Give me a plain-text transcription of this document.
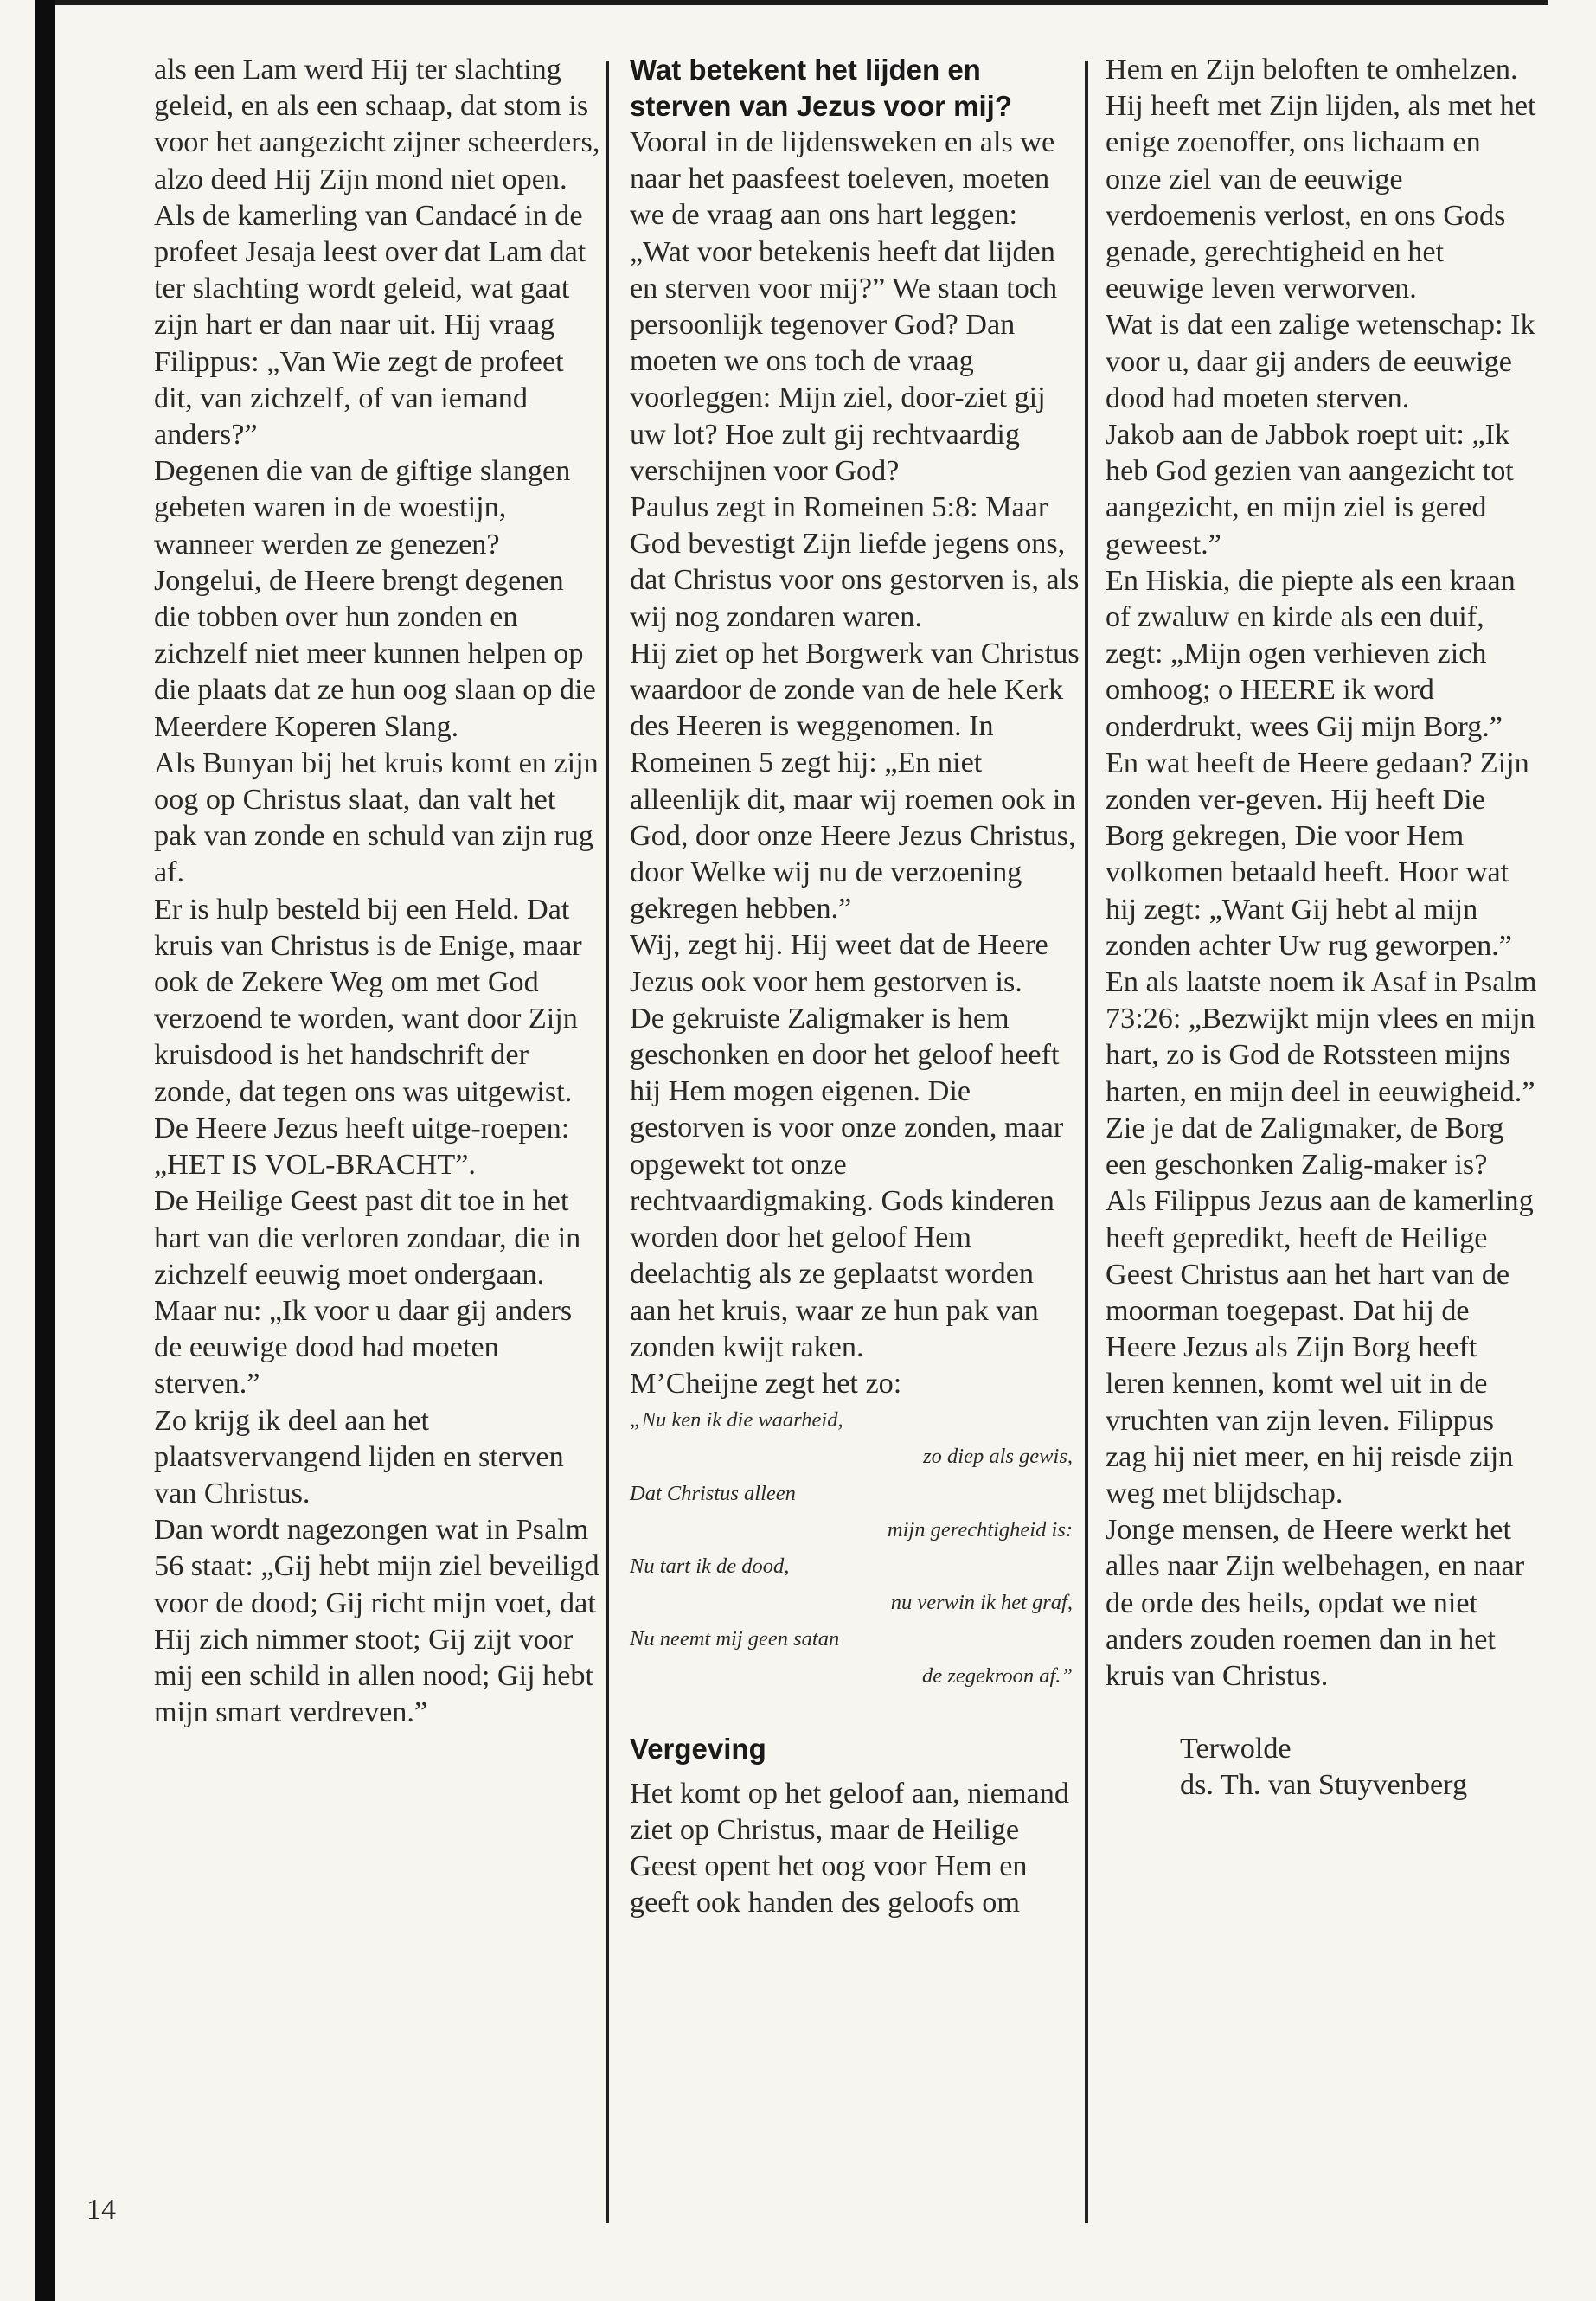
14

als een Lam werd Hij ter slachting geleid, en als een schaap, dat stom is voor het aangezicht zijner scheerders, alzo deed Hij Zijn mond niet open.

Als de kamerling van Candacé in de profeet Jesaja leest over dat Lam dat ter slachting wordt geleid, wat gaat zijn hart er dan naar uit. Hij vraag Filippus: „Van Wie zegt de profeet dit, van zichzelf, of van iemand anders?”

Degenen die van de giftige slangen gebeten waren in de woestijn, wanneer werden ze genezen?

Jongelui, de Heere brengt degenen die tobben over hun zonden en zichzelf niet meer kunnen helpen op die plaats dat ze hun oog slaan op die Meerdere Koperen Slang.

Als Bunyan bij het kruis komt en zijn oog op Christus slaat, dan valt het pak van zonde en schuld van zijn rug af.

Er is hulp besteld bij een Held. Dat kruis van Christus is de Enige, maar ook de Zekere Weg om met God verzoend te worden, want door Zijn kruisdood is het handschrift der zonde, dat tegen ons was uitgewist. De Heere Jezus heeft uitge-roepen: „HET IS VOL-BRACHT”.

De Heilige Geest past dit toe in het hart van die verloren zondaar, die in zichzelf eeuwig moet ondergaan.

Maar nu: „Ik voor u daar gij anders de eeuwige dood had moeten sterven.”

Zo krijg ik deel aan het plaatsvervangend lijden en sterven van Christus.

Dan wordt nagezongen wat in Psalm 56 staat: „Gij hebt mijn ziel beveiligd voor de dood; Gij richt mijn voet, dat Hij zich nimmer stoot; Gij zijt voor mij een schild in allen nood; Gij hebt mijn smart verdreven.”

Wat betekent het lijden en sterven van Jezus voor mij?

Vooral in de lijdensweken en als we naar het paasfeest toeleven, moeten we de vraag aan ons hart leggen: „Wat voor betekenis heeft dat lijden en sterven voor mij?” We staan toch persoonlijk tegenover God? Dan moeten we ons toch de vraag voorleggen: Mijn ziel, door-ziet gij uw lot? Hoe zult gij rechtvaardig verschijnen voor God?

Paulus zegt in Romeinen 5:8: Maar God bevestigt Zijn liefde jegens ons, dat Christus voor ons gestorven is, als wij nog zondaren waren.

Hij ziet op het Borgwerk van Christus waardoor de zonde van de hele Kerk des Heeren is weggenomen. In Romeinen 5 zegt hij: „En niet alleenlijk dit, maar wij roemen ook in God, door onze Heere Jezus Christus, door Welke wij nu de verzoening gekregen hebben.”

Wij, zegt hij. Hij weet dat de Heere Jezus ook voor hem gestorven is.

De gekruiste Zaligmaker is hem geschonken en door het geloof heeft hij Hem mogen eigenen. Die gestorven is voor onze zonden, maar opgewekt tot onze rechtvaardigmaking. Gods kinderen worden door het geloof Hem deelachtig als ze geplaatst worden aan het kruis, waar ze hun pak van zonden kwijt raken.

M’Cheijne zegt het zo:

„Nu ken ik die waarheid,
zo diep als gewis,
Dat Christus alleen
mijn gerechtigheid is:
Nu tart ik de dood,
nu verwin ik het graf,
Nu neemt mij geen satan
de zegekroon af.”
Vergeving

Het komt op het geloof aan, niemand ziet op Christus, maar de Heilige Geest opent het oog voor Hem en geeft ook handen des geloofs om

Hem en Zijn beloften te omhelzen.

Hij heeft met Zijn lijden, als met het enige zoenoffer, ons lichaam en onze ziel van de eeuwige verdoemenis verlost, en ons Gods genade, gerechtigheid en het eeuwige leven verworven.

Wat is dat een zalige wetenschap: Ik voor u, daar gij anders de eeuwige dood had moeten sterven.

Jakob aan de Jabbok roept uit: „Ik heb God gezien van aangezicht tot aangezicht, en mijn ziel is gered geweest.”

En Hiskia, die piepte als een kraan of zwaluw en kirde als een duif, zegt: „Mijn ogen verhieven zich omhoog; o HEERE ik word onderdrukt, wees Gij mijn Borg.”

En wat heeft de Heere gedaan? Zijn zonden ver-geven. Hij heeft Die Borg gekregen, Die voor Hem volkomen betaald heeft. Hoor wat hij zegt: „Want Gij hebt al mijn zonden achter Uw rug geworpen.”

En als laatste noem ik Asaf in Psalm 73:26: „Bezwijkt mijn vlees en mijn hart, zo is God de Rotssteen mijns harten, en mijn deel in eeuwigheid.”

Zie je dat de Zaligmaker, de Borg een geschonken Zalig-maker is?

Als Filippus Jezus aan de kamerling heeft gepredikt, heeft de Heilige Geest Christus aan het hart van de moorman toegepast. Dat hij de Heere Jezus als Zijn Borg heeft leren kennen, komt wel uit in de vruchten van zijn leven. Filippus zag hij niet meer, en hij reisde zijn weg met blijdschap.

Jonge mensen, de Heere werkt het alles naar Zijn welbehagen, en naar de orde des heils, opdat we niet anders zouden roemen dan in het kruis van Christus.

Terwolde
ds. Th. van Stuyvenberg
